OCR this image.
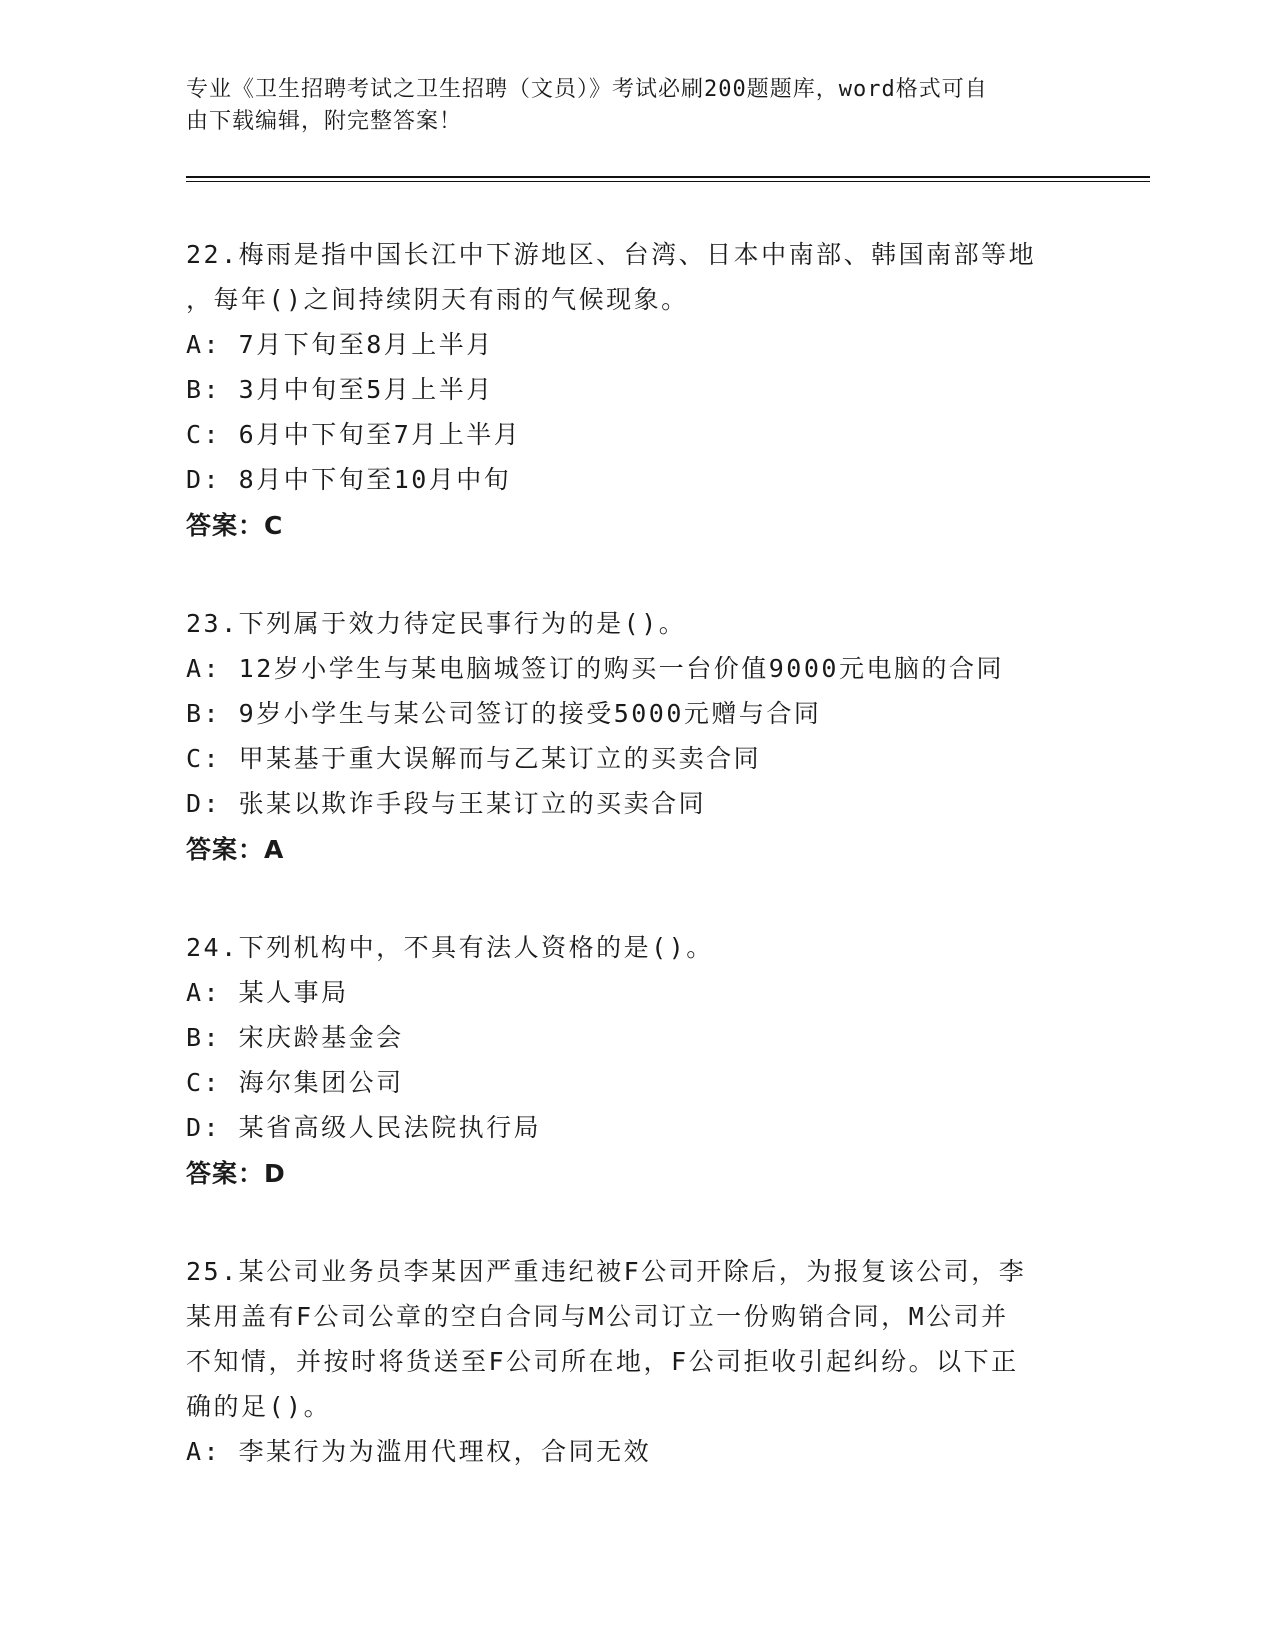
专业《卫生招聘考试之卫生招聘（文员）》考试必刷200题题库，word格式可自
由下载编辑，附完整答案！
22.梅雨是指中国长江中下游地区、台湾、日本中南部、韩国南部等地
，每年()之间持续阴天有雨的气候现象。
A: 7月下旬至8月上半月
B: 3月中旬至5月上半月
C: 6月中下旬至7月上半月
D: 8月中下旬至10月中旬
答案：C
23.下列属于效力待定民事行为的是()。
A: 12岁小学生与某电脑城签订的购买一台价值9000元电脑的合同
B: 9岁小学生与某公司签订的接受5000元赠与合同
C: 甲某基于重大误解而与乙某订立的买卖合同
D: 张某以欺诈手段与王某订立的买卖合同
答案：A
24.下列机构中，不具有法人资格的是()。
A: 某人事局
B: 宋庆龄基金会
C: 海尔集团公司
D: 某省高级人民法院执行局
答案：D
25.某公司业务员李某因严重违纪被F公司开除后，为报复该公司，李
某用盖有F公司公章的空白合同与M公司订立一份购销合同，M公司并
不知情，并按时将货送至F公司所在地，F公司拒收引起纠纷。以下正
确的足()。
A: 李某行为为滥用代理权，合同无效
